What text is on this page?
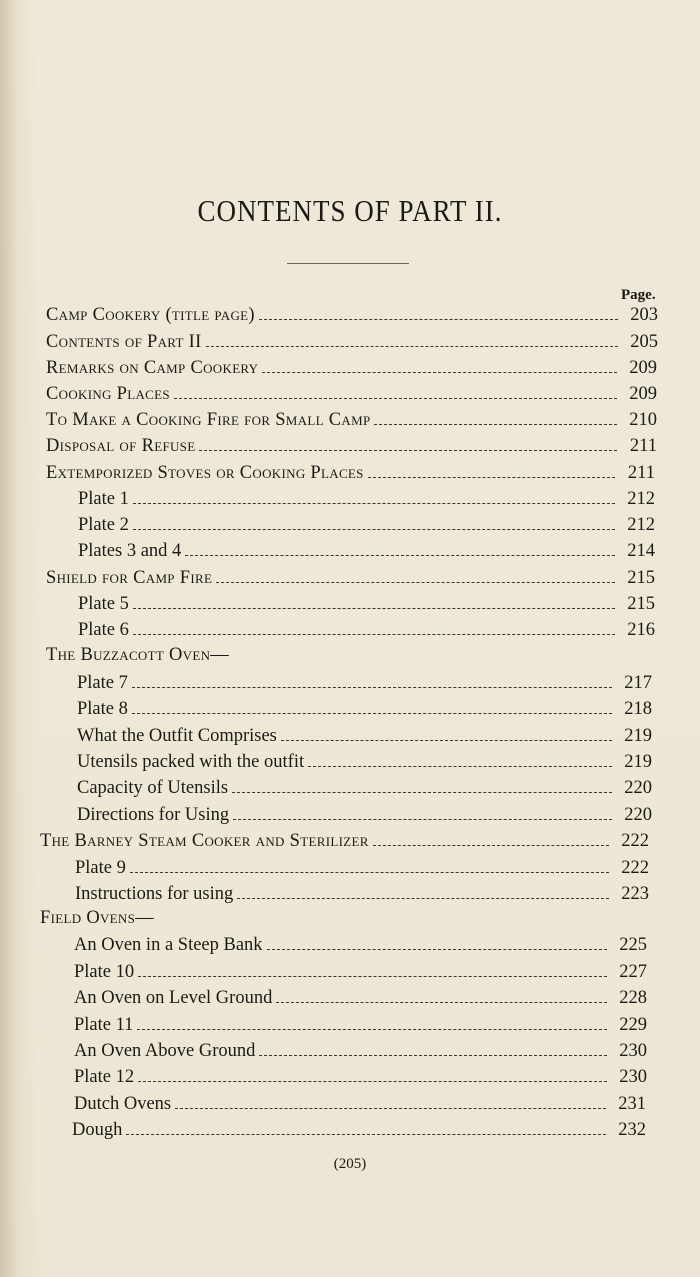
CONTENTS OF PART II.
Page.
Camp Cookery (title page)	203
Contents of Part II	205
Remarks on Camp Cookery	209
Cooking Places	209
To Make a Cooking Fire for Small Camp	210
Disposal of Refuse	211
Extemporized Stoves or Cooking Places	211
Plate 1	212
Plate 2	212
Plates 3 and 4	214
Shield for Camp Fire	215
Plate 5	215
Plate 6	216
The Buzzacott Oven—
Plate 7	217
Plate 8	218
What the Outfit Comprises	219
Utensils packed with the outfit	219
Capacity of Utensils	220
Directions for Using	220
The Barney Steam Cooker and Sterilizer	222
Plate 9	222
Instructions for using	223
Field Ovens—
An Oven in a Steep Bank	225
Plate 10	227
An Oven on Level Ground	228
Plate 11	229
An Oven Above Ground	230
Plate 12	230
Dutch Ovens	231
Dough	232
(205)
